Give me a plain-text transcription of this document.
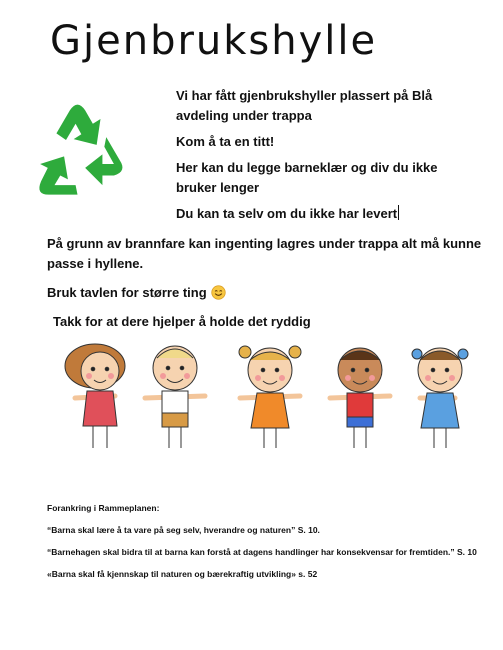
Gjenbrukshylle

Vi har fått gjenbrukshyller plassert på Blå avdeling under trappa

Kom å ta en titt!

Her kan du legge barneklær og div du ikke bruker lenger

Du kan ta selv om du ikke har levert

På grunn av brannfare kan ingenting lagres under trappa alt må kunne passe i hyllene.

Bruk tavlen for større ting

Takk for at dere hjelper å holde det ryddig

Forankring i Rammeplanen:

“Barna skal lære å ta vare på seg selv, hverandre og naturen” S. 10.

“Barnehagen skal bidra til at barna kan forstå at dagens handlinger har konsekvensar for fremtiden.” S. 10

«Barna skal få kjennskap til naturen og bærekraftig utvikling» s. 52
